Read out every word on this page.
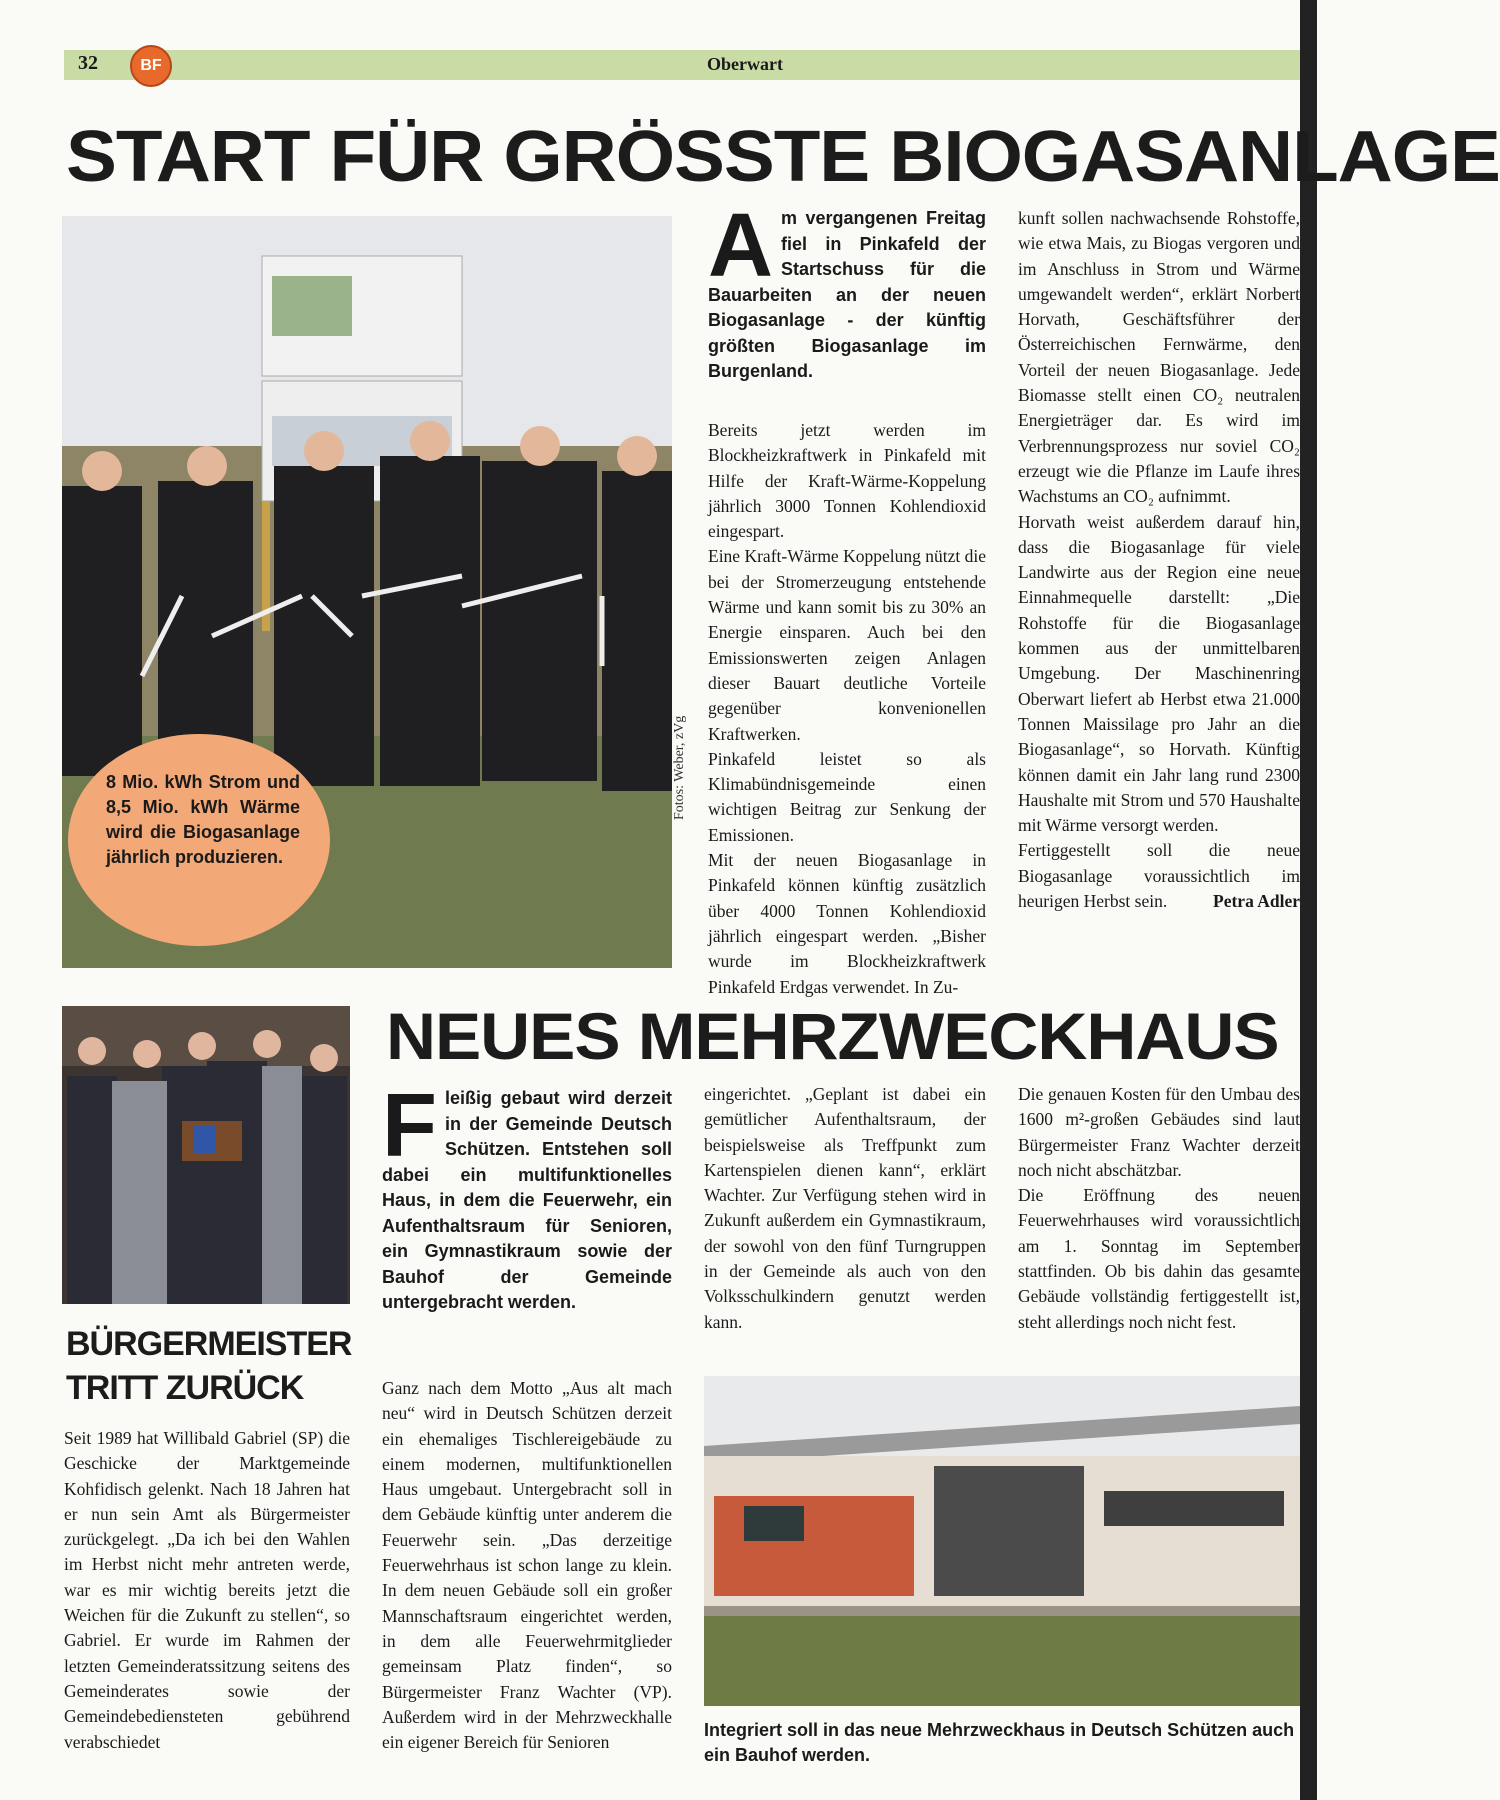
32	BF	Oberwart
START FÜR GRÖSSTE BIOGASANLAGE
8 Mio. kWh Strom und 8,5 Mio. kWh Wärme wird die Biogasanlage jährlich produzieren.
Fotos: Weber, zVg
Am vergangenen Freitag fiel in Pinkafeld der Startschuss für die Bauarbeiten an der neuen Biogasanlage - der künftig größten Biogasanlage im Burgenland.

Bereits jetzt werden im Blockheizkraftwerk in Pinkafeld mit Hilfe der Kraft-Wärme-Koppelung jährlich 3000 Tonnen Kohlendioxid eingespart.

Eine Kraft-Wärme Koppelung nützt die bei der Stromerzeugung entstehende Wärme und kann somit bis zu 30% an Energie einsparen. Auch bei den Emissionswerten zeigen Anlagen dieser Bauart deutliche Vorteile gegenüber konvenionellen Kraftwerken.

Pinkafeld leistet so als Klimabündnisgemeinde einen wichtigen Beitrag zur Senkung der Emissionen.

Mit der neuen Biogasanlage in Pinkafeld können künftig zusätzlich über 4000 Tonnen Kohlendioxid jährlich eingespart werden. „Bisher wurde im Blockheizkraftwerk Pinkafeld Erdgas verwendet. In Zu-

kunft sollen nachwachsende Rohstoffe, wie etwa Mais, zu Biogas vergoren und im Anschluss in Strom und Wärme umgewandelt werden“, erklärt Norbert Horvath, Geschäftsführer der Österreichischen Fernwärme, den Vorteil der neuen Biogasanlage. Jede Biomasse stellt einen CO₂ neutralen Energieträger dar. Es wird im Verbrennungsprozess nur soviel CO₂ erzeugt wie die Pflanze im Laufe ihres Wachstums an CO₂ aufnimmt.

Horvath weist außerdem darauf hin, dass die Biogasanlage für viele Landwirte aus der Region eine neue Einnahmequelle darstellt: „Die Rohstoffe für die Biogasanlage kommen aus der unmittelbaren Umgebung. Der Maschinenring Oberwart liefert ab Herbst etwa 21.000 Tonnen Maissilage pro Jahr an die Biogasanlage“, so Horvath. Künftig können damit ein Jahr lang rund 2300 Haushalte mit Strom und 570 Haushalte mit Wärme versorgt werden.

Fertiggestellt soll die neue Biogasanlage voraussichtlich im heurigen Herbst sein.	Petra Adler

BÜRGERMEISTER
TRITT ZURÜCK
Seit 1989 hat Willibald Gabriel (SP) die Geschicke der Marktgemeinde Kohfidisch gelenkt. Nach 18 Jahren hat er nun sein Amt als Bürgermeister zurückgelegt. „Da ich bei den Wahlen im Herbst nicht mehr antreten werde, war es mir wichtig bereits jetzt die Weichen für die Zukunft zu stellen“, so Gabriel. Er wurde im Rahmen der letzten Gemeinderatssitzung seitens des Gemeinderates sowie der Gemeindebediensteten gebührend verabschiedet
NEUES MEHRZWECKHAUS
Fleißig gebaut wird derzeit in der Gemeinde Deutsch Schützen. Entstehen soll dabei ein multifunktionelles Haus, in dem die Feuerwehr, ein Aufenthaltsraum für Senioren, ein Gymnastikraum sowie der Bauhof der Gemeinde untergebracht werden.
Ganz nach dem Motto „Aus alt mach neu“ wird in Deutsch Schützen derzeit ein ehemaliges Tischlereigebäude zu einem modernen, multifunktionellen Haus umgebaut. Untergebracht soll in dem Gebäude künftig unter anderem die Feuerwehr sein. „Das derzeitige Feuerwehrhaus ist schon lange zu klein. In dem neuen Gebäude soll ein großer Mannschaftsraum eingerichtet werden, in dem alle Feuerwehrmitglieder gemeinsam Platz finden“, so Bürgermeister Franz Wachter (VP). Außerdem wird in der Mehrzweckhalle ein eigener Bereich für Senioren
eingerichtet. „Geplant ist dabei ein gemütlicher Aufenthaltsraum, der beispielsweise als Treffpunkt zum Kartenspielen dienen kann“, erklärt Wachter. Zur Verfügung stehen wird in Zukunft außerdem ein Gymnastikraum, der sowohl von den fünf Turngruppen in der Gemeinde als auch von den Volksschulkindern genutzt werden kann.

Die genauen Kosten für den Umbau des 1600 m²-großen Gebäudes sind laut Bürgermeister Franz Wachter derzeit noch nicht abschätzbar.

Die Eröffnung des neuen Feuerwehrhauses wird voraussichtlich am 1. Sonntag im September stattfinden. Ob bis dahin das gesamte Gebäude vollständig fertiggestellt ist, steht allerdings noch nicht fest.

Integriert soll in das neue Mehrzweckhaus in Deutsch Schützen auch ein Bauhof werden.
